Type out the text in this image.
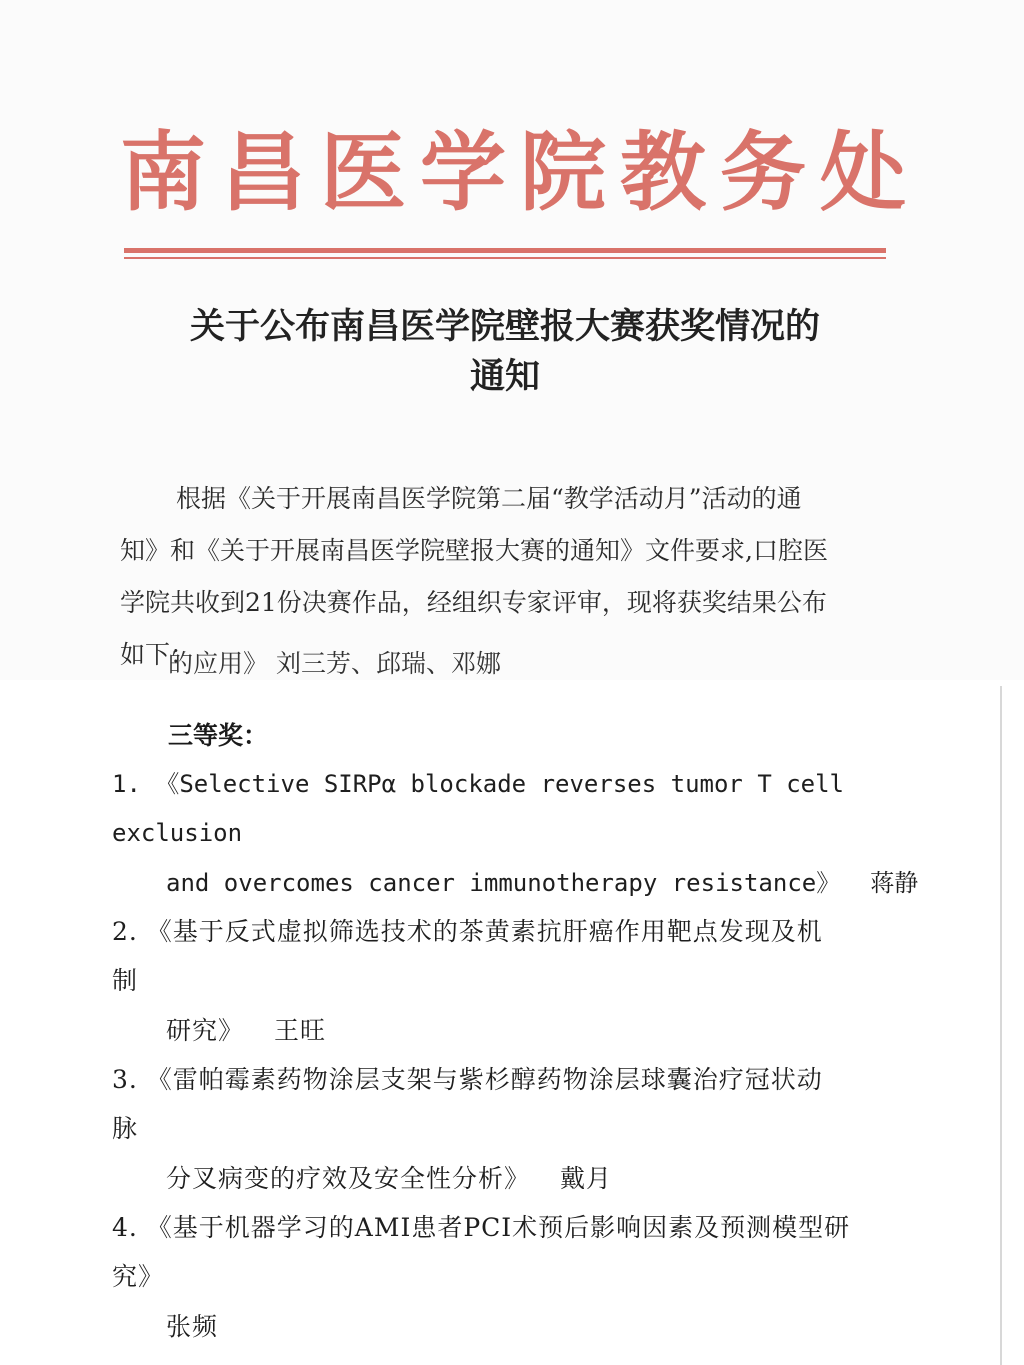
南昌医学院教务处
关于公布南昌医学院壁报大赛获奖情况的
通知
根据《关于开展南昌医学院第二届“教学活动月”活动的通
知》和《关于开展南昌医学院壁报大赛的通知》文件要求,口腔医
学院共收到21份决赛作品，经组织专家评审，现将获奖结果公布
如下：
的应用》 刘三芳、邱瑞、邓娜
三等奖：
1. 《Selective SIRPα blockade reverses tumor T cell
exclusion
and overcomes cancer immunotherapy resistance》 蒋静
2. 《基于反式虚拟筛选技术的茶黄素抗肝癌作用靶点发现及机
制
研究》 王旺
3. 《雷帕霉素药物涂层支架与紫杉醇药物涂层球囊治疗冠状动
脉
分叉病变的疗效及安全性分析》 戴月
4. 《基于机器学习的AMI患者PCI术预后影响因素及预测模型研
究》
张频
